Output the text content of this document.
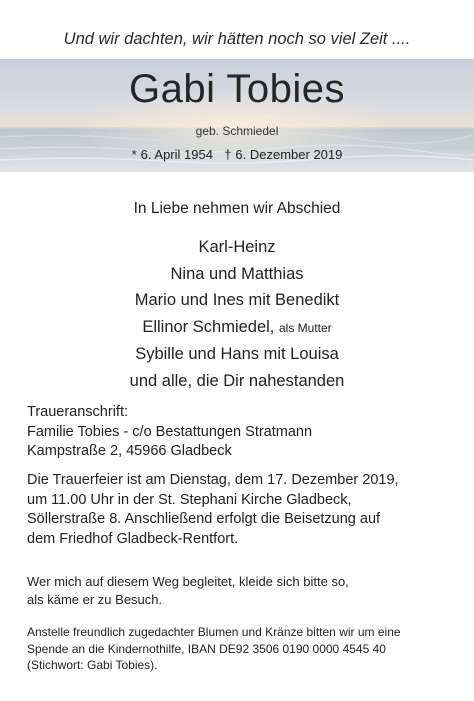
Und wir dachten, wir hätten noch so viel Zeit ....
Gabi Tobies
geb. Schmiedel
* 6. April 1954 † 6. Dezember 2019
In Liebe nehmen wir Abschied
Karl-Heinz
Nina und Matthias
Mario und Ines mit Benedikt
Ellinor Schmiedel, als Mutter
Sybille und Hans mit Louisa
und alle, die Dir nahestanden
Traueranschrift:
Familie Tobies - c/o Bestattungen Stratmann
Kampstraße 2, 45966 Gladbeck
Die Trauerfeier ist am Dienstag, dem 17. Dezember 2019,
um 11.00 Uhr in der St. Stephani Kirche Gladbeck,
Söllerstraße 8. Anschließend erfolgt die Beisetzung auf
dem Friedhof Gladbeck-Rentfort.
Wer mich auf diesem Weg begleitet, kleide sich bitte so,
als käme er zu Besuch.
Anstelle freundlich zugedachter Blumen und Kränze bitten wir um eine
Spende an die Kindernothilfe, IBAN DE92 3506 0190 0000 4545 40
(Stichwort: Gabi Tobies).
